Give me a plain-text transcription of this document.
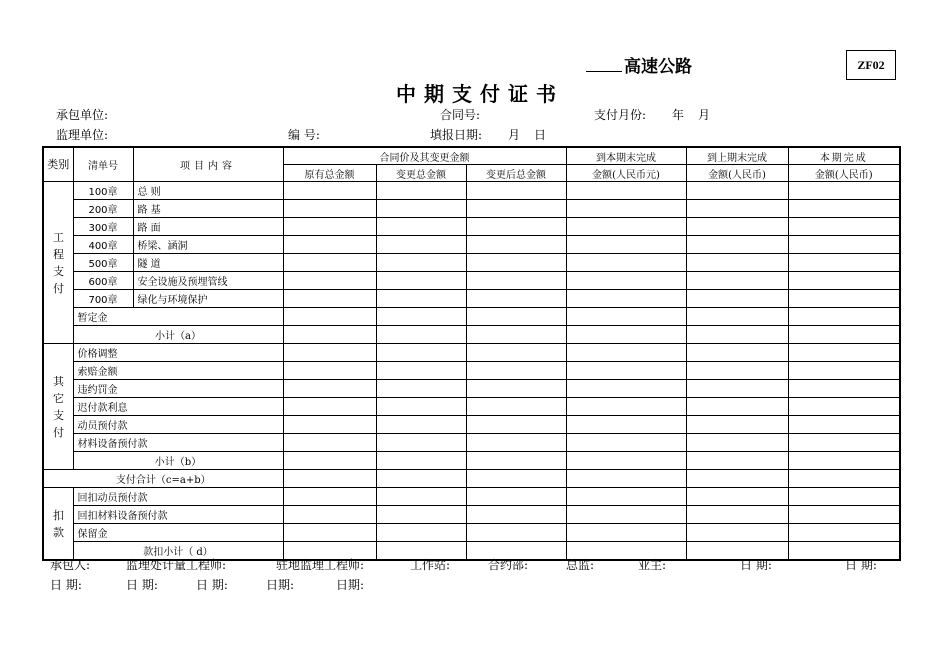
高速公路	ZF02
中期支付证书
承包单位:	合同号:	支付月份: 年 月
监理单位:	编 号:	填报日期: 月 日
类别	清单号	项目内容	合同价及其变更金额			到本期末完成	到上期末完成	本期完成
			原有总金额	变更总金额	变更后总金额	金额(人民币元)	金额(人民币)	金额(人民币)
工程支付	100章	总 则						
	200章	路 基						
	300章	路 面						
	400章	桥梁、涵洞						
	500章	隧 道						
	600章	安全设施及预埋管线						
	700章	绿化与环境保护						
	暂定金							
	小计（a）							
其它支付	价格调整							
	索赔金额							
	违约罚金							
	迟付款利息							
	动员预付款							
	材料设备预付款							
	小计（b）							
支付合计（c=a+b）								
扣款	回扣动员预付款							
	回扣材料设备预付款							
	保留金							
	款扣小计（ d）							
承包人:	监理处计量工程师:	驻地监理工程师:	工作站:	合约部:	总监:	业主:	日 期:	日 期:
日 期:	日 期:	日 期:	日期:	日期:
